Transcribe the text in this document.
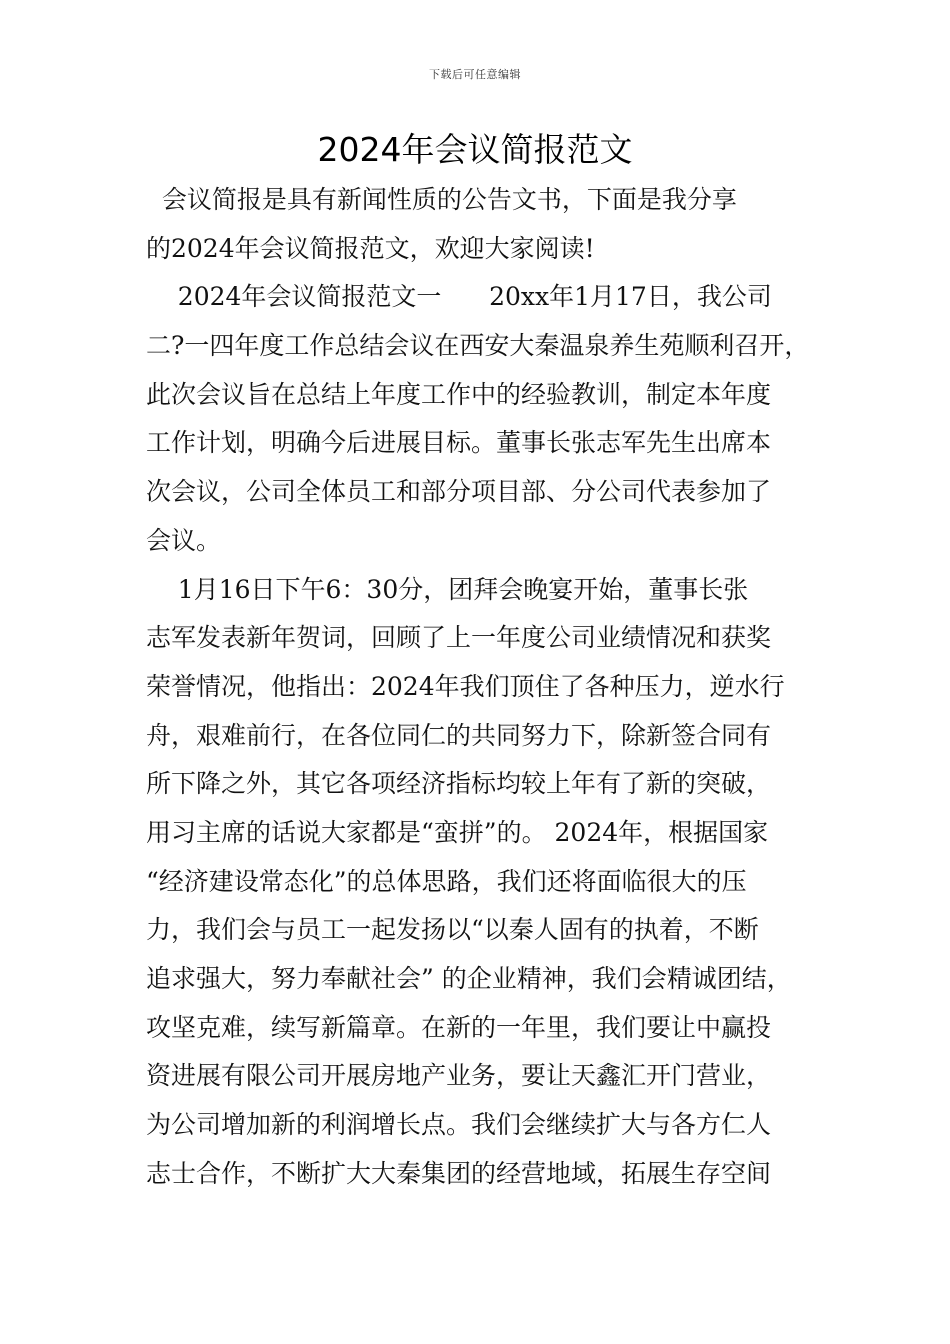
下载后可任意编辑
2024年会议简报范文
会议简报是具有新闻性质的公告文书，下面是我分享
的2024年会议简报范文，欢迎大家阅读!
2024年会议简报范文一      20xx年1月17日，我公司
二?一四年度工作总结会议在西安大秦温泉养生苑顺利召开，
此次会议旨在总结上年度工作中的经验教训，制定本年度
工作计划，明确今后进展目标。董事长张志军先生出席本
次会议，公司全体员工和部分项目部、分公司代表参加了
会议。
1月16日下午6：30分，团拜会晚宴开始，董事长张
志军发表新年贺词，回顾了上一年度公司业绩情况和获奖
荣誉情况，他指出：2024年我们顶住了各种压力，逆水行
舟，艰难前行，在各位同仁的共同努力下，除新签合同有
所下降之外，其它各项经济指标均较上年有了新的突破，
用习主席的话说大家都是“蛮拼”的。 2024年，根据国家
“经济建设常态化”的总体思路，我们还将面临很大的压
力，我们会与员工一起发扬以“以秦人固有的执着，不断
追求强大，努力奉献社会” 的企业精神，我们会精诚团结，
攻坚克难，续写新篇章。在新的一年里，我们要让中赢投
资进展有限公司开展房地产业务，要让天鑫汇开门营业，
为公司增加新的利润增长点。我们会继续扩大与各方仁人
志士合作，不断扩大大秦集团的经营地域，拓展生存空间
